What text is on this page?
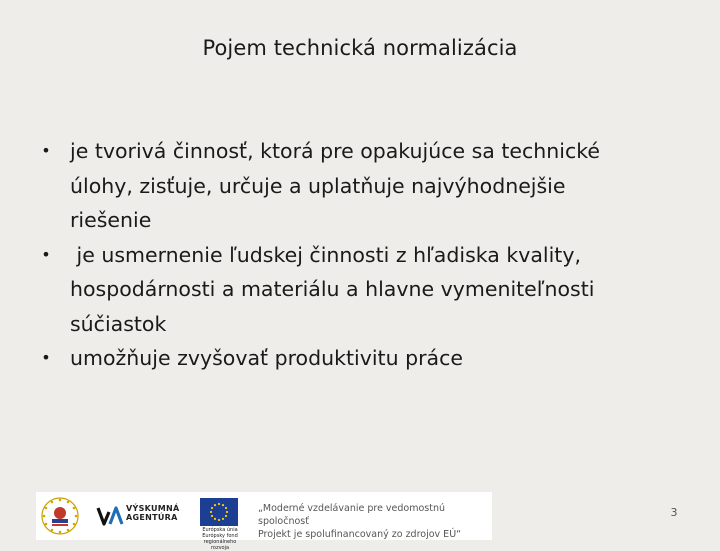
Pojem technická normalizácia
• je tvorivá činnosť, ktorá pre opakujúce sa technické
úlohy, zisťuje, určuje a uplatňuje najvýhodnejšie
riešenie
• je usmernenie ľudskej činnosti z hľadiska kvality,
hospodárnosti a materiálu a hlavne vymeniteľnosti
súčiastok
• umožňuje zvyšovať produktivitu práce
VÝSKUMNÁ
AGENTÚRA
Európska únia
Európsky fond regionálneho rozvoja
„Moderné vzdelávanie pre vedomostnú spoločnosť
Projekt je spolufinancovaný zo zdrojov EÚ“
3
